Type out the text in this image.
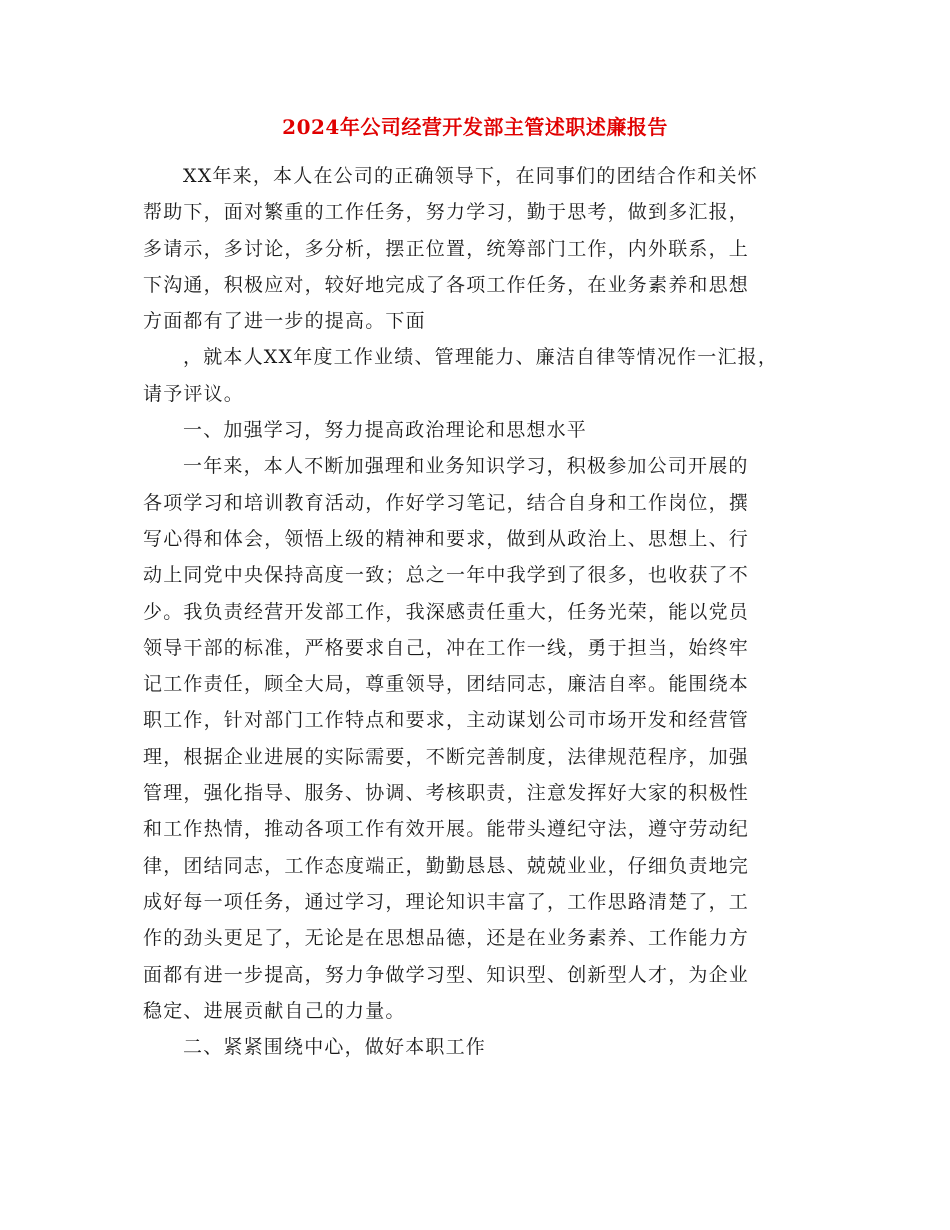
2024年公司经营开发部主管述职述廉报告

XX年来，本人在公司的正确领导下，在同事们的团结合作和关怀

帮助下，面对繁重的工作任务，努力学习，勤于思考，做到多汇报，

多请示，多讨论，多分析，摆正位置，统筹部门工作，内外联系，上

下沟通，积极应对，较好地完成了各项工作任务，在业务素养和思想

方面都有了进一步的提高。下面

，就本人XX年度工作业绩、管理能力、廉洁自律等情况作一汇报，

请予评议。

一、加强学习，努力提高政治理论和思想水平

一年来，本人不断加强理和业务知识学习，积极参加公司开展的

各项学习和培训教育活动，作好学习笔记，结合自身和工作岗位，撰

写心得和体会，领悟上级的精神和要求，做到从政治上、思想上、行

动上同党中央保持高度一致；总之一年中我学到了很多，也收获了不

少。我负责经营开发部工作，我深感责任重大，任务光荣，能以党员

领导干部的标准，严格要求自己，冲在工作一线，勇于担当，始终牢

记工作责任，顾全大局，尊重领导，团结同志，廉洁自率。能围绕本

职工作，针对部门工作特点和要求，主动谋划公司市场开发和经营管

理，根据企业进展的实际需要，不断完善制度，法律规范程序，加强

管理，强化指导、服务、协调、考核职责，注意发挥好大家的积极性

和工作热情，推动各项工作有效开展。能带头遵纪守法，遵守劳动纪

律，团结同志，工作态度端正，勤勤恳恳、兢兢业业，仔细负责地完

成好每一项任务，通过学习，理论知识丰富了，工作思路清楚了，工

作的劲头更足了，无论是在思想品德，还是在业务素养、工作能力方

面都有进一步提高，努力争做学习型、知识型、创新型人才，为企业

稳定、进展贡献自己的力量。

二、紧紧围绕中心，做好本职工作
